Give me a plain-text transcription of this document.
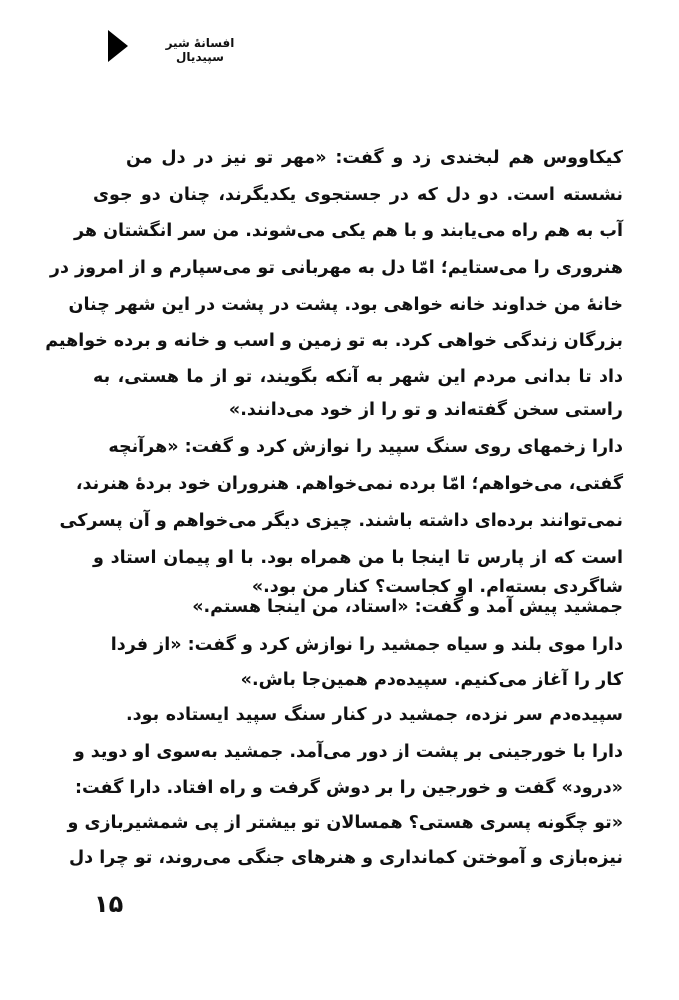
افسانهٔ شیر سپیدیال
کیکاووس هم لبخندی زد و گفت: «مهر تو نیز در دل من
نشسته است. دو دل که در جستجوی یکدیگرند، چنان دو جوی
آب به هم راه می‌یابند و با هم یکی می‌شوند. من سر انگشتان هر
هنروری را می‌ستایم؛ امّا دل به مهربانی تو می‌سپارم و از امروز در
خانهٔ من خداوند خانه خواهی بود. پشت در پشت در این شهر چنان
بزرگان زندگی خواهی کرد. به تو زمین و اسب و خانه و برده خواهیم
داد تا بدانی مردم این شهر به آنکه بگویند، تو از ما هستی، به
راستی سخن گفته‌اند و تو را از خود می‌دانند.»
دارا زخمهای روی سنگ سپید را نوازش کرد و گفت: «هرآنچه
گفتی، می‌خواهم؛ امّا برده نمی‌خواهم. هنروران خود بردهٔ هنرند،
نمی‌توانند برده‌ای داشته باشند. چیزی دیگر می‌خواهم و آن پسرکی
است که از پارس تا اینجا با من همراه بود. با او پیمان استاد و
شاگردی بسته‌ام. او کجاست؟ کنار من بود.»
جمشید پیش آمد و گفت: «استاد، من اینجا هستم.»
دارا موی بلند و سیاه جمشید را نوازش کرد و گفت: «از فردا
کار را آغاز می‌کنیم. سپیده‌دم همین‌جا باش.»
سپیده‌دم سر نزده، جمشید در کنار سنگ سپید ایستاده بود.
دارا با خورجینی بر پشت از دور می‌آمد. جمشید به‌سوی او دوید و
«درود» گفت و خورجین را بر دوش گرفت و راه افتاد. دارا گفت:
«تو چگونه پسری هستی؟ همسالان تو بیشتر از پی شمشیربازی و
نیزه‌بازی و آموختن کمانداری و هنرهای جنگی می‌روند، تو چرا دل
۱۵
